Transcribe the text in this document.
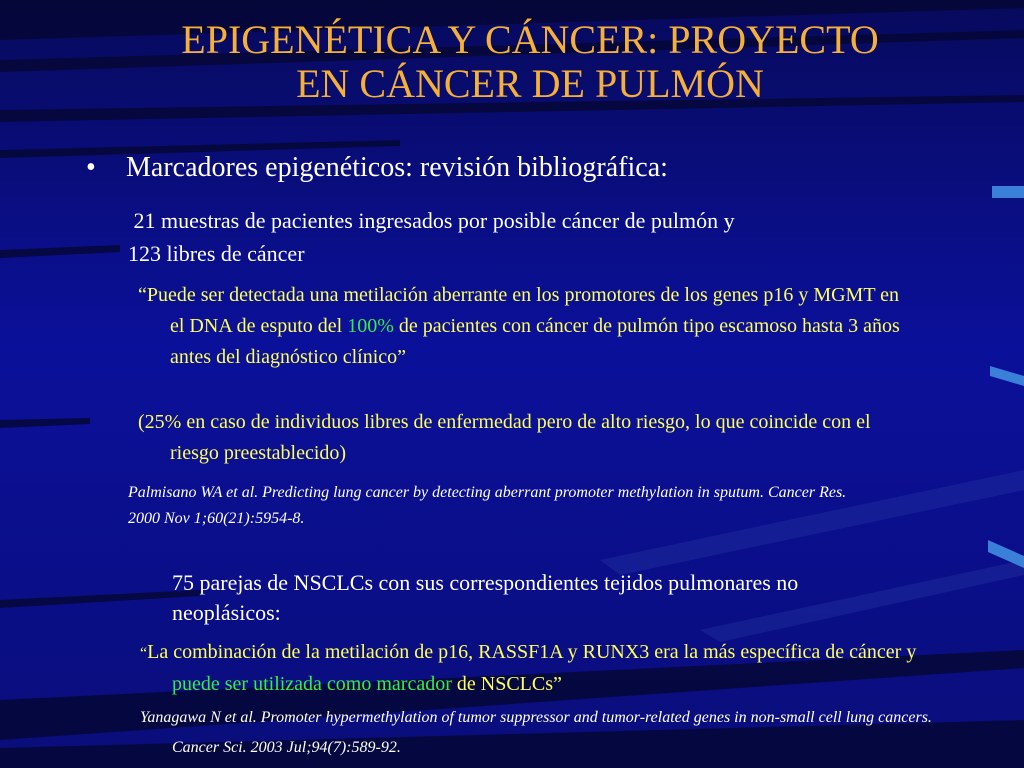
EPIGENÉTICA Y CÁNCER: PROYECTO
EN CÁNCER DE PULMÓN
• Marcadores epigenéticos: revisión bibliográfica:
21 muestras de pacientes ingresados por posible cáncer de pulmón y
123 libres de cáncer
“Puede ser detectada una metilación aberrante en los promotores de los genes p16 y MGMT en el DNA de esputo del 100% de pacientes con cáncer de pulmón tipo escamoso hasta 3 años antes del diagnóstico clínico”
(25% en caso de individuos libres de enfermedad pero de alto riesgo, lo que coincide con el riesgo preestablecido)
Palmisano WA et al. Predicting lung cancer by detecting aberrant promoter methylation in sputum. Cancer Res. 2000 Nov 1;60(21):5954-8.
75 parejas de NSCLCs con sus correspondientes tejidos pulmonares no neoplásicos:
“La combinación de la metilación de p16, RASSF1A y RUNX3 era la más específica de cáncer y puede ser utilizada como marcador de NSCLCs”
Yanagawa N et al. Promoter hypermethylation of tumor suppressor and tumor-related genes in non-small cell lung cancers. Cancer Sci. 2003 Jul;94(7):589-92.
